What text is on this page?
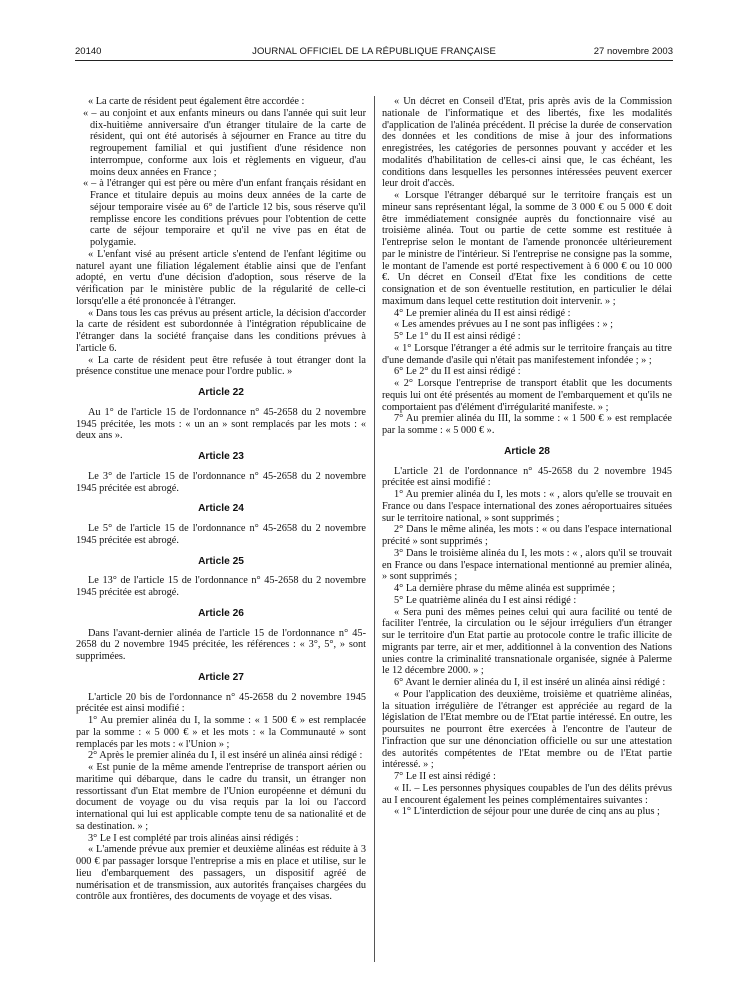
20140	JOURNAL OFFICIEL DE LA RÉPUBLIQUE FRANÇAISE	27 novembre 2003

« La carte de résident peut également être accordée :

« – au conjoint et aux enfants mineurs ou dans l'année qui suit leur dix-huitième anniversaire d'un étranger titulaire de la carte de résident, qui ont été autorisés à séjourner en France au titre du regroupement familial et qui justifient d'une résidence non interrompue, conforme aux lois et règlements en vigueur, d'au moins deux années en France ;

« – à l'étranger qui est père ou mère d'un enfant français résidant en France et titulaire depuis au moins deux années de la carte de séjour temporaire visée au 6° de l'article 12 bis, sous réserve qu'il remplisse encore les conditions prévues pour l'obtention de cette carte de séjour temporaire et qu'il ne vive pas en état de polygamie.

« L'enfant visé au présent article s'entend de l'enfant légitime ou naturel ayant une filiation légalement établie ainsi que de l'enfant adopté, en vertu d'une décision d'adoption, sous réserve de la vérification par le ministère public de la régularité de celle-ci lorsqu'elle a été prononcée à l'étranger.

« Dans tous les cas prévus au présent article, la décision d'accorder la carte de résident est subordonnée à l'intégration républicaine de l'étranger dans la société française dans les conditions prévues à l'article 6.

« La carte de résident peut être refusée à tout étranger dont la présence constitue une menace pour l'ordre public. »

Article 22

Au 1° de l'article 15 de l'ordonnance n° 45-2658 du 2 novembre 1945 précitée, les mots : « un an » sont remplacés par les mots : « deux ans ».

Article 23

Le 3° de l'article 15 de l'ordonnance n° 45-2658 du 2 novembre 1945 précitée est abrogé.

Article 24

Le 5° de l'article 15 de l'ordonnance n° 45-2658 du 2 novembre 1945 précitée est abrogé.

Article 25

Le 13° de l'article 15 de l'ordonnance n° 45-2658 du 2 novembre 1945 précitée est abrogé.

Article 26

Dans l'avant-dernier alinéa de l'article 15 de l'ordonnance n° 45-2658 du 2 novembre 1945 précitée, les références : « 3°, 5°, » sont supprimées.

Article 27

L'article 20 bis de l'ordonnance n° 45-2658 du 2 novembre 1945 précitée est ainsi modifié :

1° Au premier alinéa du I, la somme : « 1 500 € » est remplacée par la somme : « 5 000 € » et les mots : « la Communauté » sont remplacés par les mots : « l'Union » ;

2° Après le premier alinéa du I, il est inséré un alinéa ainsi rédigé :

« Est punie de la même amende l'entreprise de transport aérien ou maritime qui débarque, dans le cadre du transit, un étranger non ressortissant d'un Etat membre de l'Union européenne et démuni du document de voyage ou du visa requis par la loi ou l'accord international qui lui est applicable compte tenu de sa nationalité et de sa destination. » ;

3° Le I est complété par trois alinéas ainsi rédigés :

« L'amende prévue aux premier et deuxième alinéas est réduite à 3 000 € par passager lorsque l'entreprise a mis en place et utilise, sur le lieu d'embarquement des passagers, un dispositif agréé de numérisation et de transmission, aux autorités françaises chargées du contrôle aux frontières, des documents de voyage et des visas.

« Un décret en Conseil d'Etat, pris après avis de la Commission nationale de l'informatique et des libertés, fixe les modalités d'application de l'alinéa précédent. Il précise la durée de conservation des données et les conditions de mise à jour des informations enregistrées, les catégories de personnes pouvant y accéder et les modalités d'habilitation de celles-ci ainsi que, le cas échéant, les conditions dans lesquelles les personnes intéressées peuvent exercer leur droit d'accès.

« Lorsque l'étranger débarqué sur le territoire français est un mineur sans représentant légal, la somme de 3 000 € ou 5 000 € doit être immédiatement consignée auprès du fonctionnaire visé au troisième alinéa. Tout ou partie de cette somme est restituée à l'entreprise selon le montant de l'amende prononcée ultérieurement par le ministre de l'intérieur. Si l'entreprise ne consigne pas la somme, le montant de l'amende est porté respectivement à 6 000 € ou 10 000 €. Un décret en Conseil d'Etat fixe les conditions de cette consignation et de son éventuelle restitution, en particulier le délai maximum dans lequel cette restitution doit intervenir. » ;

4° Le premier alinéa du II est ainsi rédigé :

« Les amendes prévues au I ne sont pas infligées : » ;

5° Le 1° du II est ainsi rédigé :

« 1° Lorsque l'étranger a été admis sur le territoire français au titre d'une demande d'asile qui n'était pas manifestement infondée ; » ;

6° Le 2° du II est ainsi rédigé :

« 2° Lorsque l'entreprise de transport établit que les documents requis lui ont été présentés au moment de l'embarquement et qu'ils ne comportaient pas d'élément d'irrégularité manifeste. » ;

7° Au premier alinéa du III, la somme : « 1 500 € » est remplacée par la somme : « 5 000 € ».

Article 28

L'article 21 de l'ordonnance n° 45-2658 du 2 novembre 1945 précitée est ainsi modifié :

1° Au premier alinéa du I, les mots : « , alors qu'elle se trouvait en France ou dans l'espace international des zones aéroportuaires situées sur le territoire national, » sont supprimés ;

2° Dans le même alinéa, les mots : « ou dans l'espace international précité » sont supprimés ;

3° Dans le troisième alinéa du I, les mots : « , alors qu'il se trouvait en France ou dans l'espace international mentionné au premier alinéa, » sont supprimés ;

4° La dernière phrase du même alinéa est supprimée ;

5° Le quatrième alinéa du I est ainsi rédigé :

« Sera puni des mêmes peines celui qui aura facilité ou tenté de faciliter l'entrée, la circulation ou le séjour irréguliers d'un étranger sur le territoire d'un Etat partie au protocole contre le trafic illicite de migrants par terre, air et mer, additionnel à la convention des Nations unies contre la criminalité transnationale organisée, signée à Palerme le 12 décembre 2000. » ;

6° Avant le dernier alinéa du I, il est inséré un alinéa ainsi rédigé :

« Pour l'application des deuxième, troisième et quatrième alinéas, la situation irrégulière de l'étranger est appréciée au regard de la législation de l'Etat membre ou de l'Etat partie intéressé. En outre, les poursuites ne pourront être exercées à l'encontre de l'auteur de l'infraction que sur une dénonciation officielle ou sur une attestation des autorités compétentes de l'Etat membre ou de l'Etat partie intéressé. » ;

7° Le II est ainsi rédigé :

« II. – Les personnes physiques coupables de l'un des délits prévus au I encourent également les peines complémentaires suivantes :

« 1° L'interdiction de séjour pour une durée de cinq ans au plus ;
